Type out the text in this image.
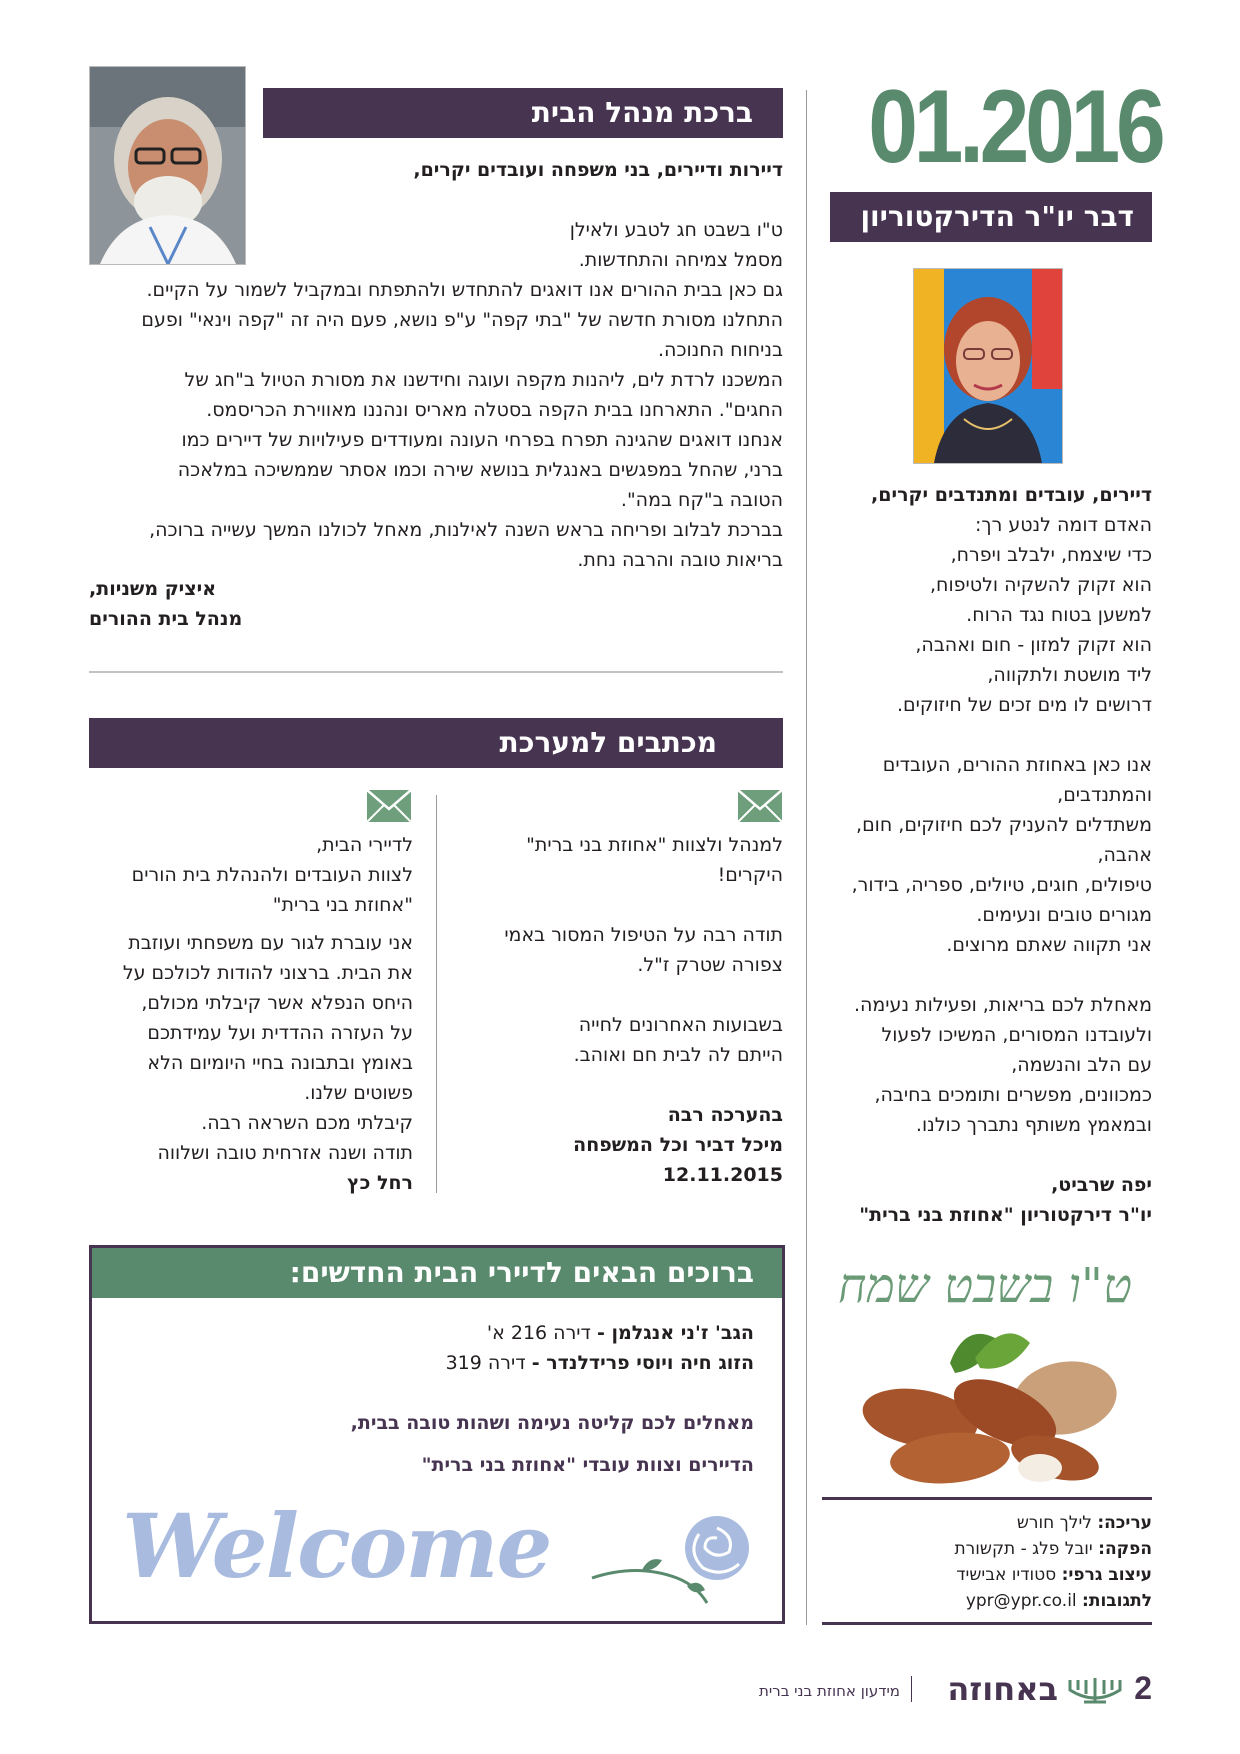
01.2016
דבר יו"ר הדירקטוריון

דיירים, עובדים ומתנדבים יקרים,

האדם דומה לנטע רך:
כדי שיצמח, ילבלב ויפרח,
הוא זקוק להשקיה ולטיפוח,
למשען בטוח נגד הרוח.
הוא זקוק למזון - חום ואהבה,
ליד מושטת ולתקווה,
דרושים לו מים זכים של חיזוקים.
אנו כאן באחוזת ההורים, העובדים
והמתנדבים,
משתדלים להעניק לכם חיזוקים, חום,
אהבה,
טיפולים, חוגים, טיולים, ספריה, בידור,
מגורים טובים ונעימים.
אני תקווה שאתם מרוצים.
מאחלת לכם בריאות, ופעילות נעימה.
ולעובדנו המסורים, המשיכו לפעול
עם הלב והנשמה,
כמכוונים, מפשרים ותומכים בחיבה,
ובמאמץ משותף נתברך כולנו.
יפה שרביט,
יו"ר דירקטוריון "אחוזת בני ברית"
ט"ו בשבט שמח
עריכה: לילך חורש
הפקה: יובל פלג - תקשורת
עיצוב גרפי: סטודיו אבישיד
לתגובות: ypr@ypr.co.il
ברכת מנהל הבית

דיירות ודיירים, בני משפחה ועובדים יקרים,

ט"ו בשבט חג לטבע ולאילן
מסמל צמיחה והתחדשות.
גם כאן בבית ההורים אנו דואגים להתחדש ולהתפתח ובמקביל לשמור על הקיים.
התחלנו מסורת חדשה של "בתי קפה" ע"פ נושא, פעם היה זה "קפה וינאי" ופעם
בניחוח החנוכה.
המשכנו לרדת לים, ליהנות מקפה ועוגה וחידשנו את מסורת הטיול ב"חג של
החגים". התארחנו בבית הקפה בסטלה מאריס ונהננו מאווירת הכריסמס.
אנחנו דואגים שהגינה תפרח בפרחי העונה ומעודדים פעילויות של דיירים כמו
ברני, שהחל במפגשים באנגלית בנושא שירה וכמו אסתר שממשיכה במלאכה
הטובה ב"קח במה".
בברכת לבלוב ופריחה בראש השנה לאילנות, מאחל לכולנו המשך עשייה ברוכה,
בריאות טובה והרבה נחת.
איציק משניות,
מנהל בית ההורים
מכתבים למערכת
למנהל ולצוות "אחוזת בני ברית"
היקרים!
תודה רבה על הטיפול המסור באמי
צפורה שטרק ז"ל.
בשבועות האחרונים לחייה
הייתם לה לבית חם ואוהב.
בהערכה רבה
מיכל דביר וכל המשפחה
12.11.2015
לדיירי הבית,
לצוות העובדים ולהנהלת בית הורים
"אחוזת בני ברית"
אני עוברת לגור עם משפחתי ועוזבת
את הבית. ברצוני להודות לכולכם על
היחס הנפלא אשר קיבלתי מכולם,
על העזרה ההדדית ועל עמידתכם
באומץ ובתבונה בחיי היומיום הלא
פשוטים שלנו.
קיבלתי מכם השראה רבה.
תודה ושנה אזרחית טובה ושלווה

רחל כץ

ברוכים הבאים לדיירי הבית החדשים:
הגב' ז'ני אנגלמן - דירה 216 א'
הזוג חיה ויוסי פרידלנדר - דירה 319
מאחלים לכם קליטה נעימה ושהות טובה בבית,
הדיירים וצוות עובדי "אחוזת בני ברית"
Welcome
2
באחוזה
מידעון אחוזת בני ברית
